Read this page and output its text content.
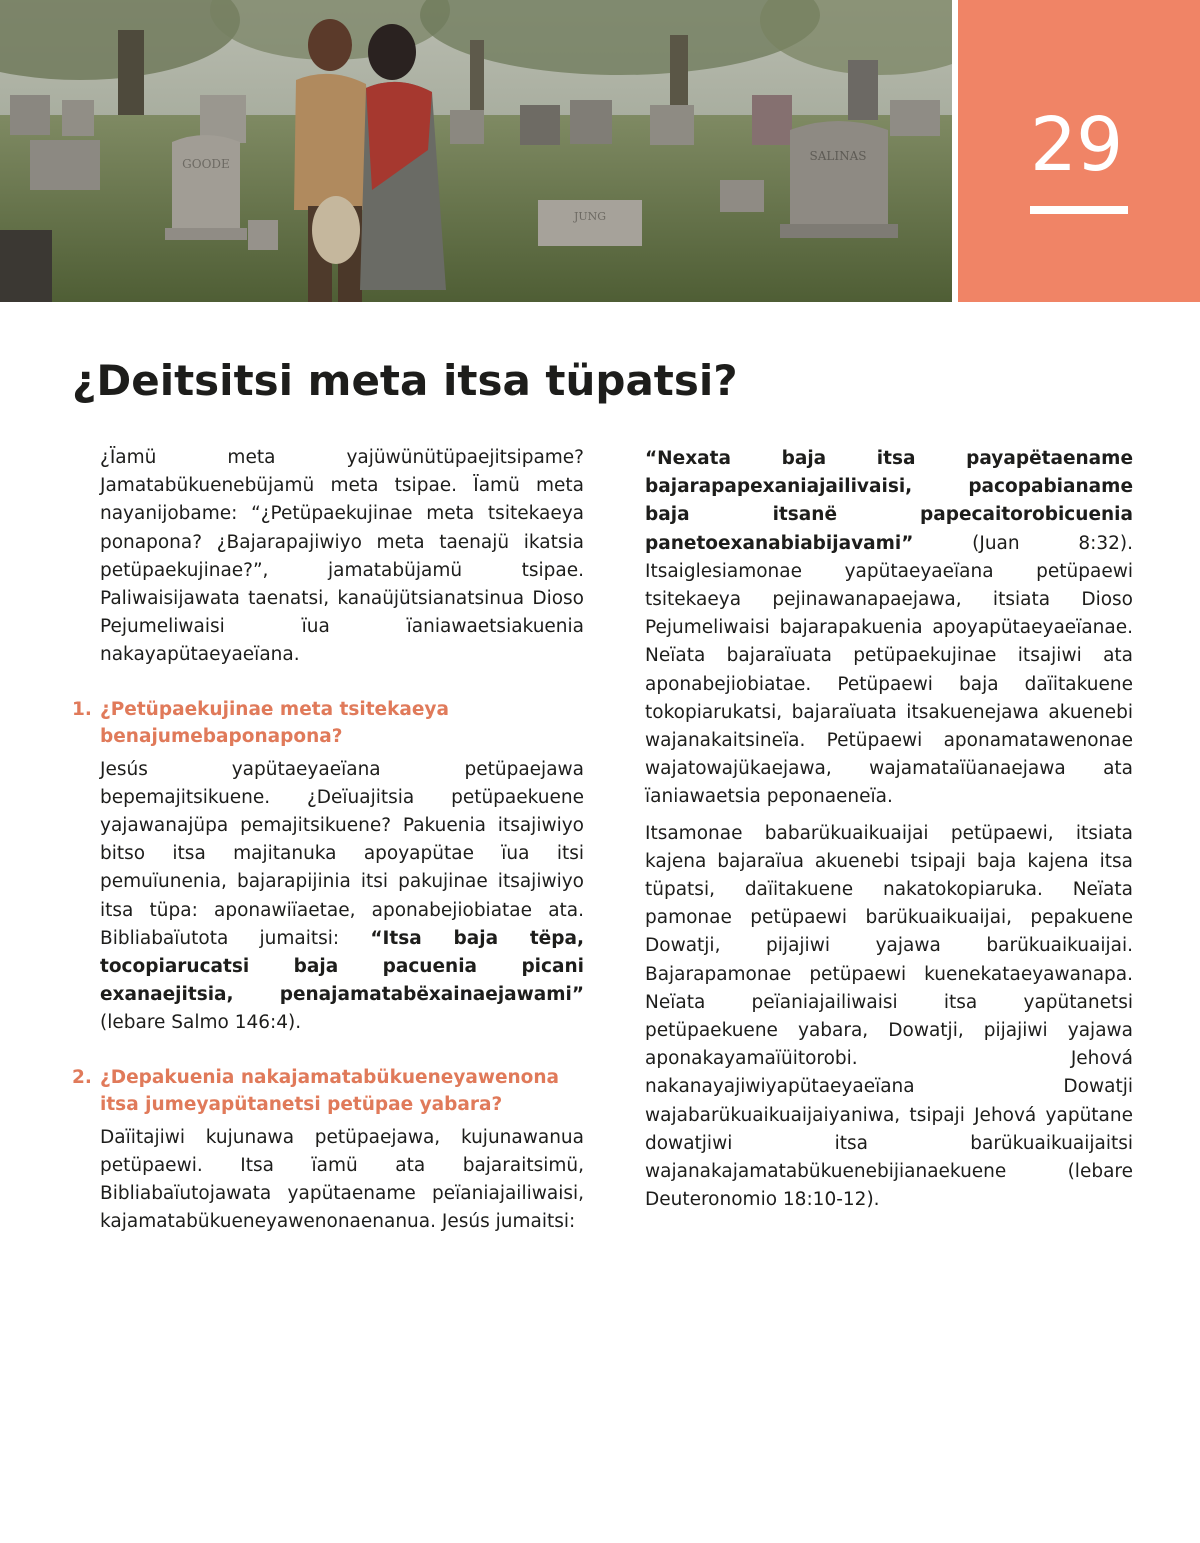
GOODE
JUNG
SALINAS 29
¿Deitsitsi meta itsa tüpatsi?

¿Ïamü meta yajüwünütüpaejitsipame? Jamatabükuenebüjamü meta tsipae. Ïamü meta nayanijobame: “¿Petüpaekujinae meta tsitekaeya ponapona? ¿Bajarapajiwiyo meta taenajü ikatsia petüpaekujinae?”, jamatabüjamü tsipae. Paliwaisijawata taenatsi, kanaüjütsianatsinua Dioso Pejumeliwaisi ïua ïaniawaetsiakuenia nakayapütaeyaeïana.

1. ¿Petüpaekujinae meta tsitekaeya benajumebaponapona?

Jesús yapütaeyaeïana petüpaejawa bepemajitsikuene. ¿Deïuajitsia petüpaekuene yajawanajüpa pemajitsikuene? Pakuenia itsajiwiyo bitso itsa majitanuka apoyapütae ïua itsi pemuïunenia, bajarapijinia itsi pakujinae itsajiwiyo itsa tüpa: aponawiïaetae, aponabejiobiatae ata. Bibliabaïutota jumaitsi: “Itsa baja tëpa, tocopiarucatsi baja pacuenia picani exanaejitsia, penajamatabëxainaejawami” (lebare Salmo 146:4).

2. ¿Depakuenia nakajamatabükueneyawenona itsa jumeyapütanetsi petüpae yabara?

Daïitajiwi kujunawa petüpaejawa, kujunawanua petüpaewi. Itsa ïamü ata bajaraitsimü, Bibliabaïutojawata yapütaename peïaniajailiwaisi, kajamatabükueneyawenonaenanua. Jesús jumaitsi:

“Nexata baja itsa payapëtaename bajarapapexaniajailivaisi, pacopabianame baja itsanë papecaitorobicuenia panetoexanabiabijavami”	(Juan 8:32). Itsaiglesiamonae yapütaeyaeïana petüpaewi tsitekaeya pejinawanapaejawa, itsiata Dioso Pejumeliwaisi bajarapakuenia apoyapütaeyaeïanae. Neïata bajaraïuata petüpaekujinae itsajiwi ata aponabejiobiatae. Petüpaewi baja daïitakuene tokopiarukatsi, bajaraïuata itsakuenejawa akuenebi wajanakaitsineïa. Petüpaewi aponamatawenonae wajatowajükaejawa, wajamataïüanaejawa ata ïaniawaetsia peponaeneïa.

Itsamonae babarükuaikuaijai petüpaewi, itsiata kajena bajaraïua akuenebi tsipaji baja kajena itsa tüpatsi, daïitakuene nakatokopiaruka. Neïata pamonae petüpaewi barükuaikuaijai, pepakuene Dowatji, pijajiwi yajawa barükuaikuaijai. Bajarapamonae petüpaewi kuenekataeyawanapa. Neïata peïaniajailiwaisi itsa yapütanetsi petüpaekuene yabara, Dowatji, pijajiwi yajawa aponakayamaïüitorobi. Jehová nakanayajiwiyapütaeyaeïana Dowatji wajabarükuaikuaijaiyaniwa, tsipaji Jehová yapütane dowatjiwi itsa barükuaikuaijaitsi wajanakajamatabükuenebijianaekuene (lebare Deuteronomio 18:10-12).
